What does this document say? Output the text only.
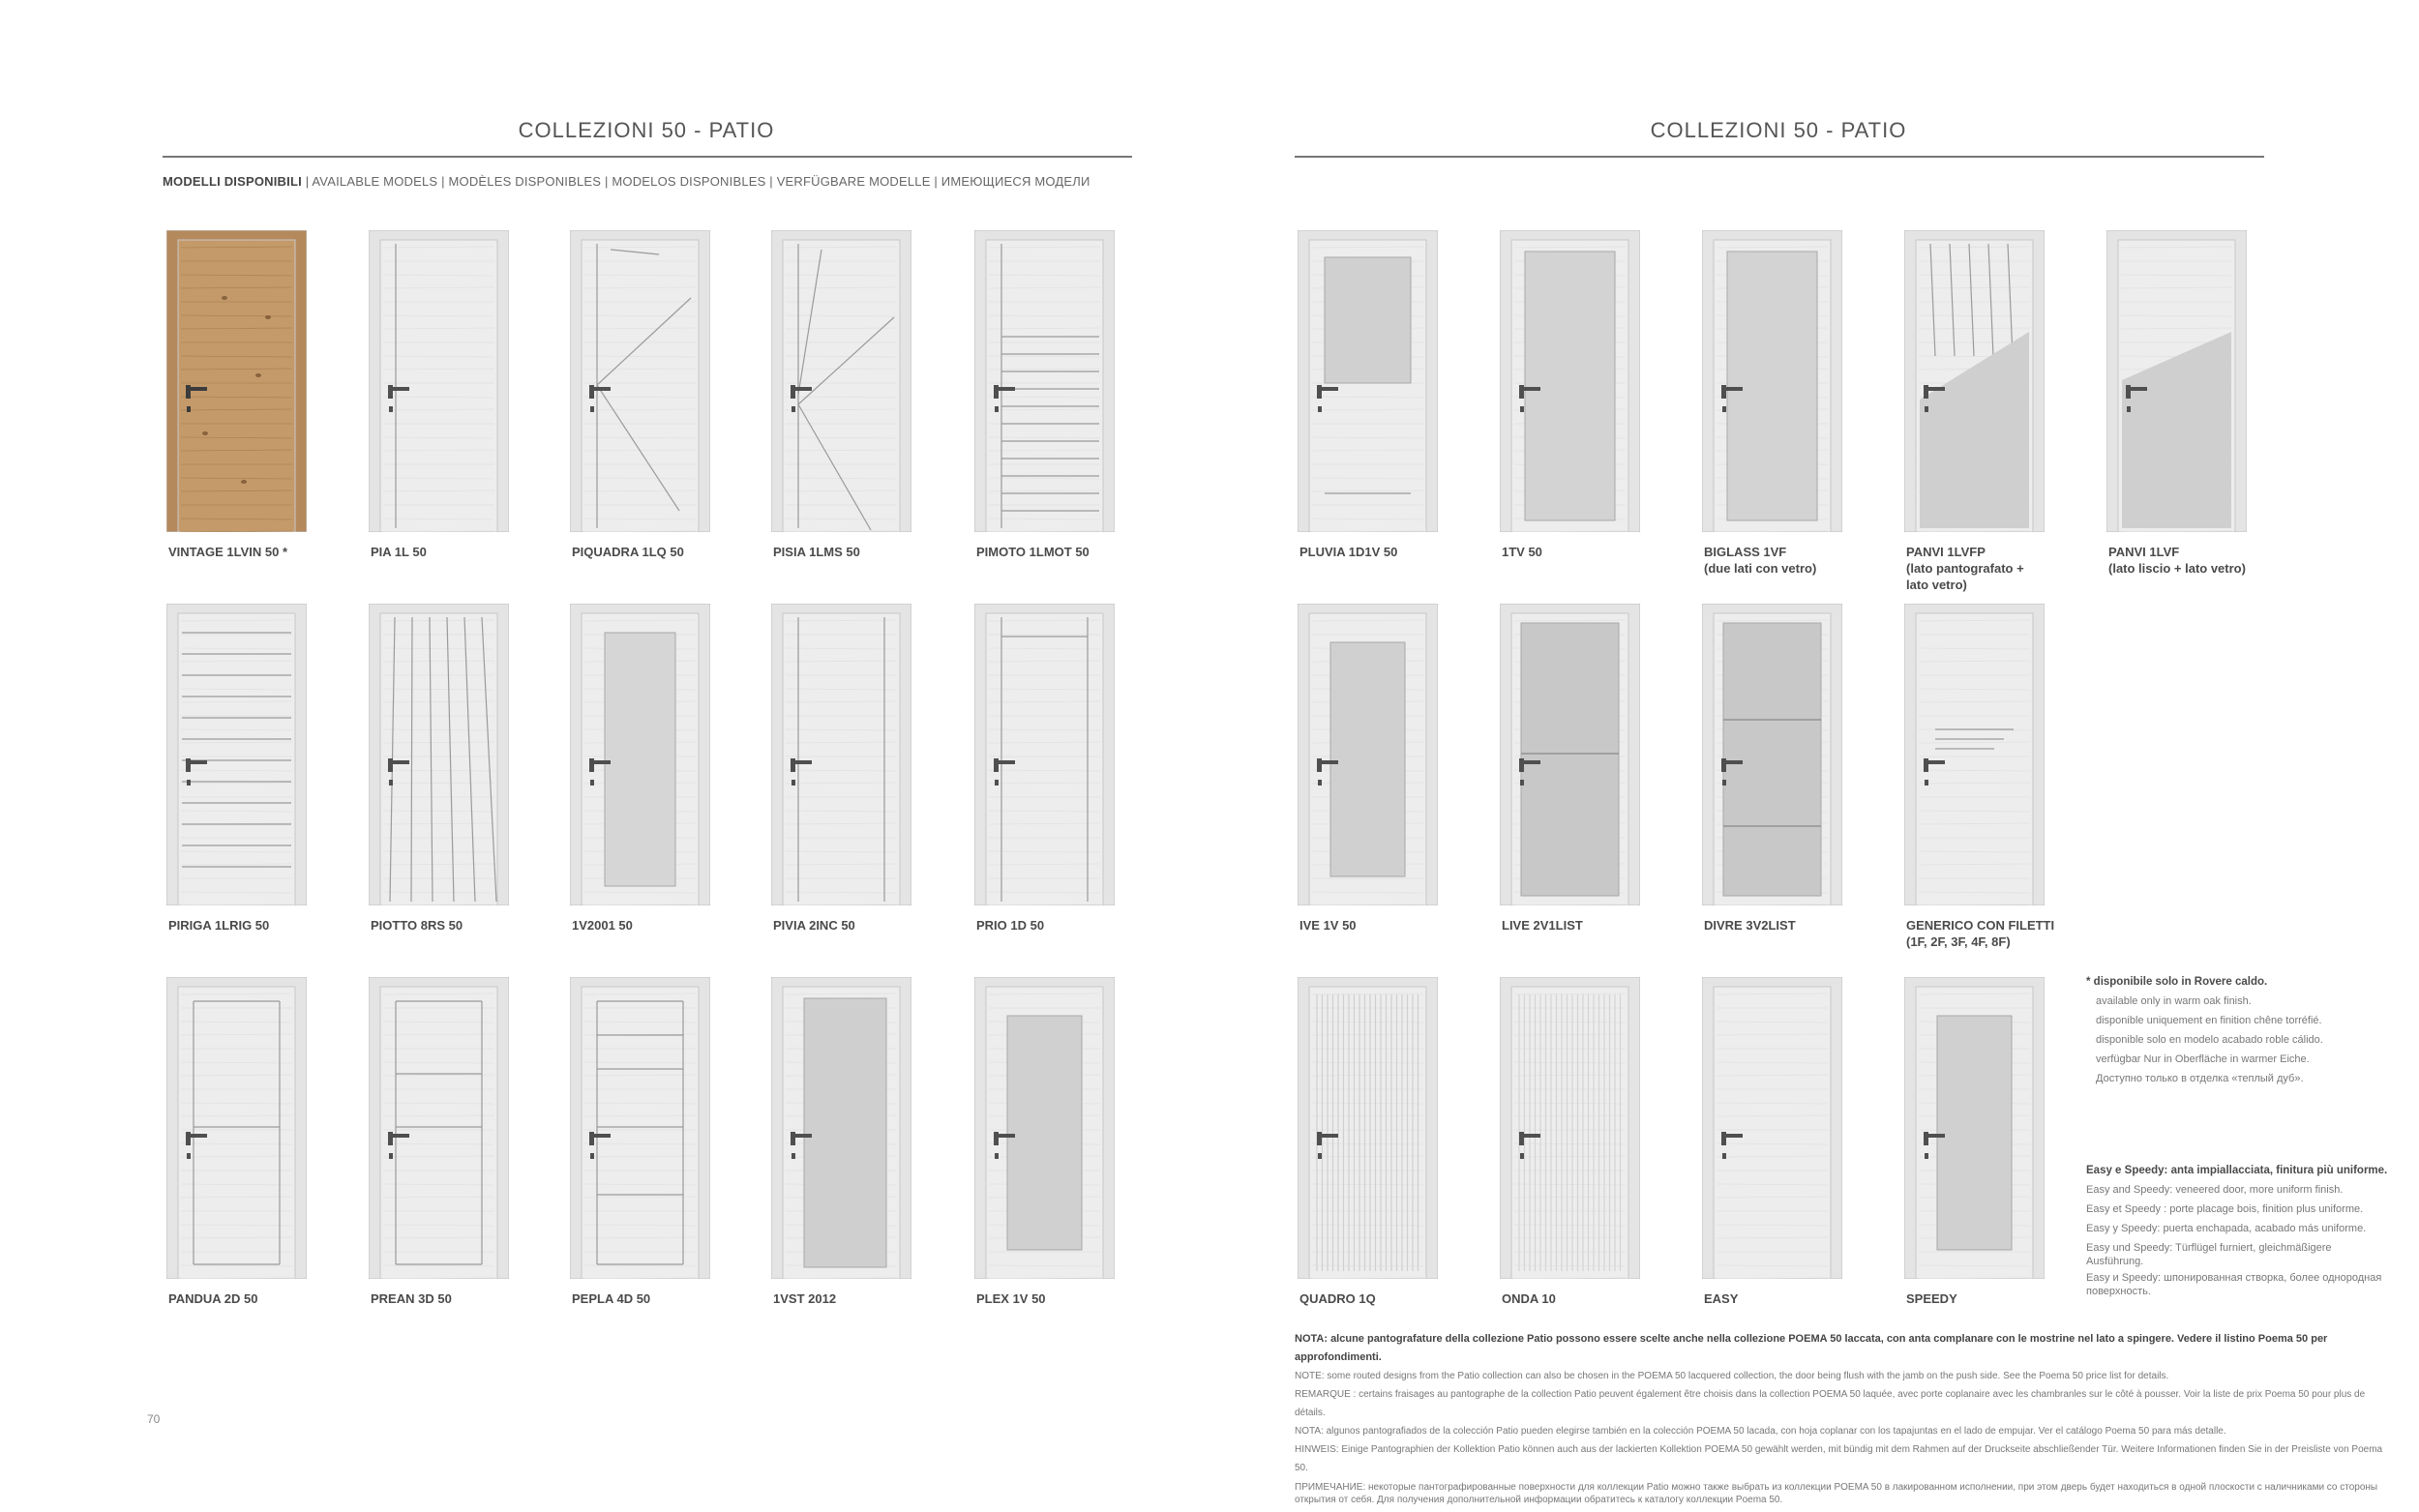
COLLEZIONI 50 - PATIO	COLLEZIONI 50 - PATIO
MODELLI DISPONIBILI | AVAILABLE MODELS | MODÈLES DISPONIBLES | MODELOS DISPONIBLES | VERFÜGBARE MODELLE | ИМЕЮЩИЕСЯ МОДЕЛИ
VINTAGE 1LVIN 50 *	PIA 1L 50	PIQUADRA 1LQ 50	PISIA 1LMS 50	PIMOTO 1LMOT 50
PIRIGA 1LRIG 50	PIOTTO 8RS 50	1V2001 50	PIVIA 2INC 50	PRIO 1D 50
PANDUA 2D 50	PREAN 3D 50	PEPLA 4D 50	1VST 2012	PLEX 1V 50
PLUVIA 1D1V 50	1TV 50	BIGLASS 1VF
(due lati con vetro)
PANVI 1LVFP
(lato pantografato +
lato vetro)
PANVI 1LVF
(lato liscio + lato vetro)
IVE 1V 50	LIVE 2V1LIST	DIVRE 3V2LIST	GENERICO CON FILETTI
(1F, 2F, 3F, 4F, 8F)
QUADRO 1Q	ONDA 10	EASY	SPEEDY
* disponibile solo in Rovere caldo.
available only in warm oak finish.
disponible uniquement en finition chêne torréfié.
disponible solo en modelo acabado roble cálido.
verfügbar Nur in Oberfläche in warmer Eiche.
Доступно только в отделка «теплый дуб».
Easy e Speedy: anta impiallacciata, finitura più uniforme.
Easy and Speedy: veneered door, more uniform finish.
Easy et Speedy : porte placage bois, finition plus uniforme.
Easy y Speedy: puerta enchapada, acabado más uniforme.
Easy und Speedy: Türflügel furniert, gleichmäßigere Ausführung.
Easy и Speedy: шпонированная створка, более однородная поверхность.
NOTA: alcune pantografature della collezione Patio possono essere scelte anche nella collezione POEMA 50 laccata, con anta complanare con le mostrine nel lato a spingere. Vedere il listino Poema 50 per approfondimenti.
NOTE: some routed designs from the Patio collection can also be chosen in the POEMA 50 lacquered collection, the door being flush with the jamb on the push side. See the Poema 50 price list for details.
REMARQUE : certains fraisages au pantographe de la collection Patio peuvent également être choisis dans la collection POEMA 50 laquée, avec porte coplanaire avec les chambranles sur le côté à pousser. Voir la liste de prix Poema 50 pour plus de détails.
NOTA: algunos pantografiados de la colección Patio pueden elegirse también en la colección POEMA 50 lacada, con hoja coplanar con los tapajuntas en el lado de empujar. Ver el catálogo Poema 50 para más detalle.
HINWEIS: Einige Pantographien der Kollektion Patio können auch aus der lackierten Kollektion POEMA 50 gewählt werden, mit bündig mit dem Rahmen auf der Druckseite abschließender Tür. Weitere Informationen finden Sie in der Preisliste von Poema 50.
ПРИМЕЧАНИЕ: некоторые пантографированные поверхности для коллекции Patio можно также выбрать из коллекции POEMA 50 в лакированном исполнении, при этом дверь будет находиться в одной плоскости с наличниками со стороны открытия от себя. Для получения дополнительной информации обратитесь к каталогу коллекции Poema 50.
70
